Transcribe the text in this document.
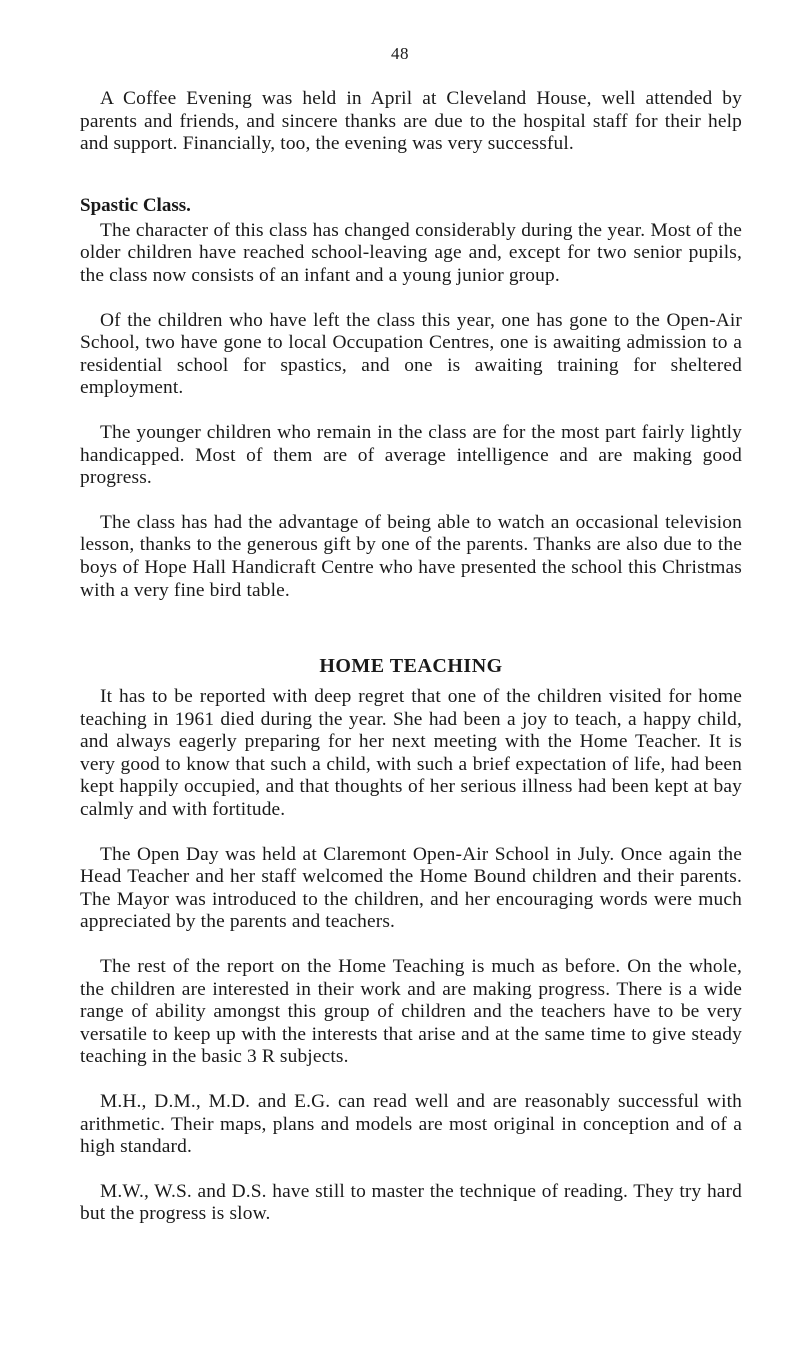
48

A Coffee Evening was held in April at Cleveland House, well attended by parents and friends, and sincere thanks are due to the hospital staff for their help and support. Financially, too, the evening was very successful.

Spastic Class.

The character of this class has changed considerably during the year. Most of the older children have reached school-leaving age and, except for two senior pupils, the class now consists of an infant and a young junior group.

Of the children who have left the class this year, one has gone to the Open-Air School, two have gone to local Occupation Centres, one is awaiting admission to a residential school for spastics, and one is awaiting training for sheltered employment.

The younger children who remain in the class are for the most part fairly lightly handicapped. Most of them are of average intelligence and are making good progress.

The class has had the advantage of being able to watch an occasional television lesson, thanks to the generous gift by one of the parents. Thanks are also due to the boys of Hope Hall Handicraft Centre who have presented the school this Christmas with a very fine bird table.

HOME TEACHING

It has to be reported with deep regret that one of the children visited for home teaching in 1961 died during the year. She had been a joy to teach, a happy child, and always eagerly preparing for her next meeting with the Home Teacher. It is very good to know that such a child, with such a brief expectation of life, had been kept happily occupied, and that thoughts of her serious illness had been kept at bay calmly and with fortitude.

The Open Day was held at Claremont Open-Air School in July. Once again the Head Teacher and her staff welcomed the Home Bound children and their parents. The Mayor was introduced to the children, and her encouraging words were much appreciated by the parents and teachers.

The rest of the report on the Home Teaching is much as before. On the whole, the children are interested in their work and are making progress. There is a wide range of ability amongst this group of children and the teachers have to be very versatile to keep up with the interests that arise and at the same time to give steady teaching in the basic 3 R subjects.

M.H., D.M., M.D. and E.G. can read well and are reasonably successful with arithmetic. Their maps, plans and models are most original in conception and of a high standard.

M.W., W.S. and D.S. have still to master the technique of reading. They try hard but the progress is slow.
